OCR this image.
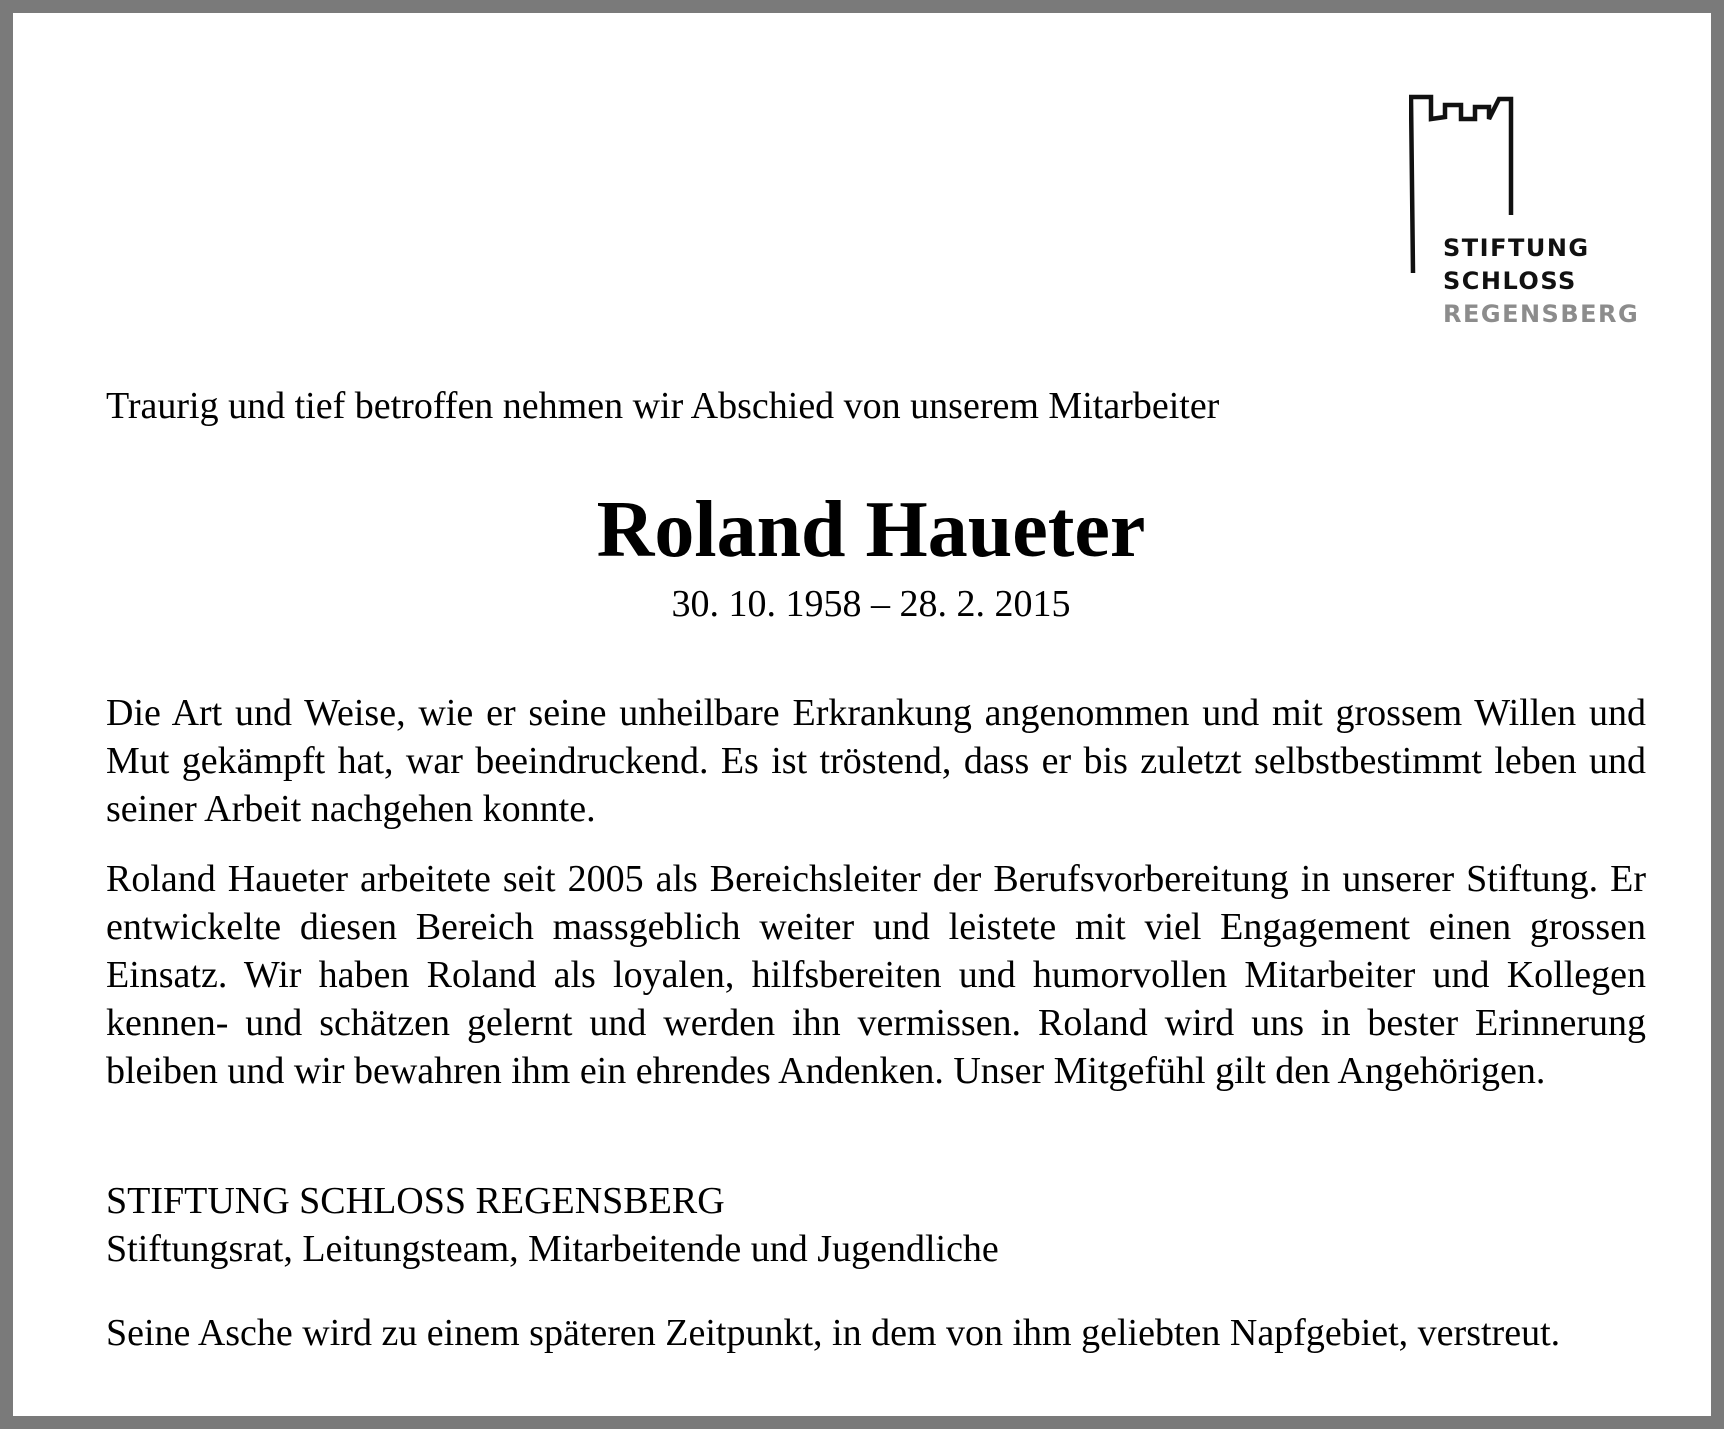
STIFTUNG
SCHLOSS
REGENSBERG
Traurig und tief betroffen nehmen wir Abschied von unserem Mitarbeiter
Roland Haueter
30. 10. 1958 – 28. 2. 2015

Die Art und Weise, wie er seine unheilbare Erkrankung angenommen und mit grossem Willen und Mut gekämpft hat, war beeindruckend. Es ist tröstend, dass er bis zuletzt selbstbestimmt leben und seiner Arbeit nachgehen konnte.

Roland Haueter arbeitete seit 2005 als Bereichsleiter der Berufsvorbereitung in unserer Stiftung. Er entwickelte diesen Bereich massgeblich weiter und leistete mit viel Engagement einen grossen Einsatz. Wir haben Roland als loyalen, hilfsbereiten und humorvollen Mitarbeiter und Kollegen kennen- und schätzen gelernt und werden ihn vermissen. Roland wird uns in bester Erinnerung bleiben und wir bewahren ihm ein ehrendes Andenken. Unser Mitgefühl gilt den Angehörigen.

STIFTUNG SCHLOSS REGENSBERG
Stiftungsrat, Leitungsteam, Mitarbeitende und Jugendliche
Seine Asche wird zu einem späteren Zeitpunkt, in dem von ihm geliebten Napfgebiet, verstreut.
